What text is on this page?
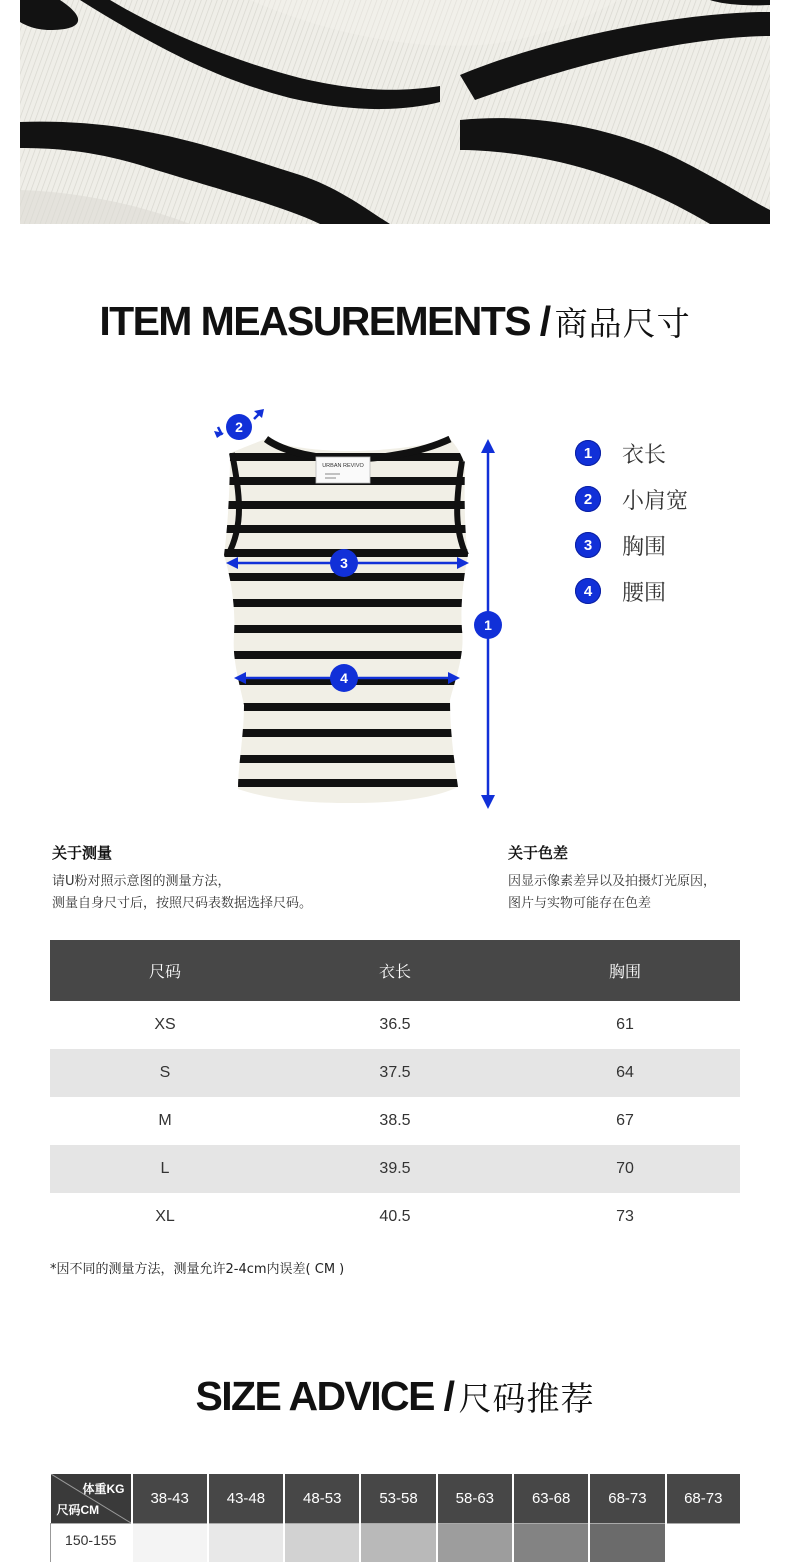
ITEM MEASUREMENTS / 商品尺寸
URBAN REVIVO
2
1
3
4
1	衣长
2	小肩宽
3	胸围
4	腰围
关于测量
请U粉对照示意图的测量方法，
测量自身尺寸后，按照尺码表数据选择尺码。
关于色差
因显示像素差异以及拍摄灯光原因，
图片与实物可能存在色差
尺码	衣长	胸围
XS	36.5	61
S	37.5	64
M	38.5	67
L	39.5	70
XL	40.5	73
*因不同的测量方法，测量允许2-4cm内误差( CM )
SIZE ADVICE / 尺码推荐
体重KG
尺码CM	38-43	43-48	48-53	53-58	58-63	63-68	68-73	68-73
150-155								
